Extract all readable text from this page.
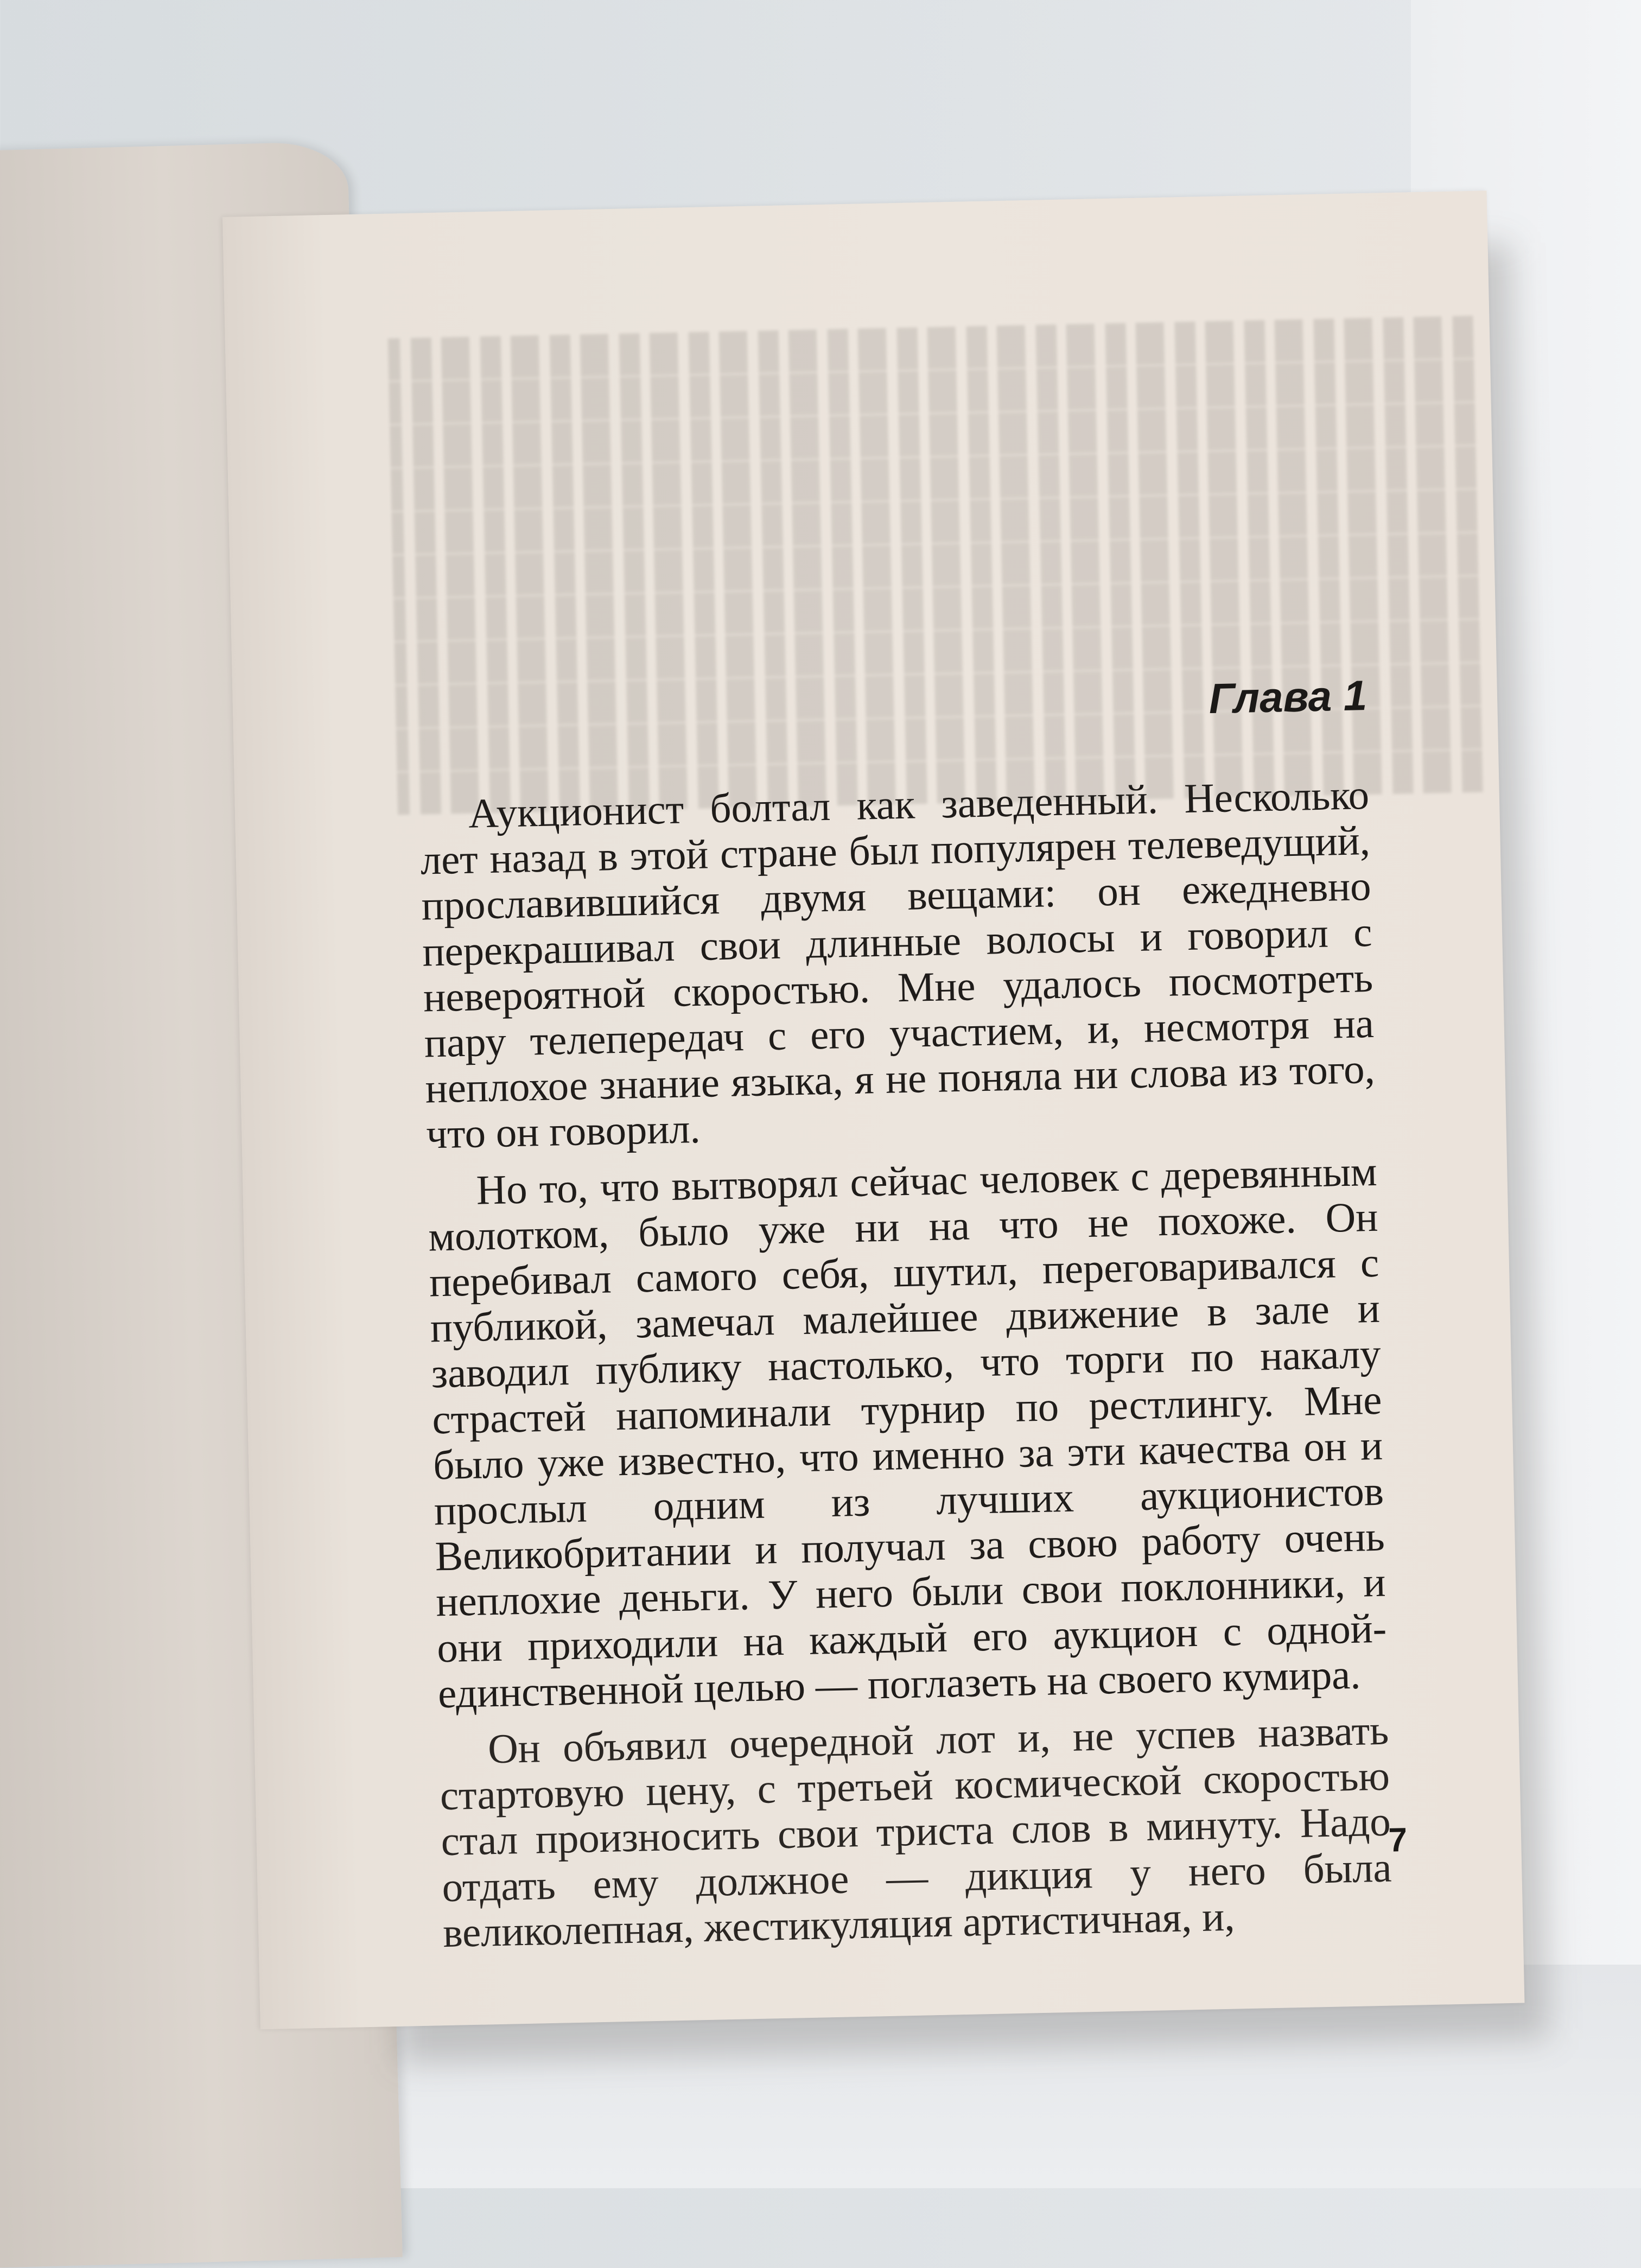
Глава 1

Аукционист болтал как заведенный. Несколько лет назад в этой стране был популярен телеведущий, прославившийся двумя вещами: он ежедневно перекрашивал свои длинные волосы и говорил с невероятной скоростью. Мне удалось посмотреть пару телепередач с его участием, и, несмотря на неплохое знание языка, я не поняла ни слова из того, что он говорил.

Но то, что вытворял сейчас человек с деревянным молотком, было уже ни на что не похоже. Он перебивал самого себя, шутил, переговаривался с публикой, замечал малейшее движение в зале и заводил публику настолько, что торги по накалу страстей напоминали турнир по рестлингу. Мне было уже известно, что именно за эти качества он и прослыл одним из лучших аукционистов Великобритании и получал за свою работу очень неплохие деньги. У него были свои поклонники, и они приходили на каждый его аукцион с одной-единственной целью — поглазеть на своего кумира.

Он объявил очередной лот и, не успев назвать стартовую цену, с третьей космической скоростью стал произносить свои триста слов в минуту. Надо отдать ему должное — дикция у него была великолепная, жестикуляция артистичная, и,

7
